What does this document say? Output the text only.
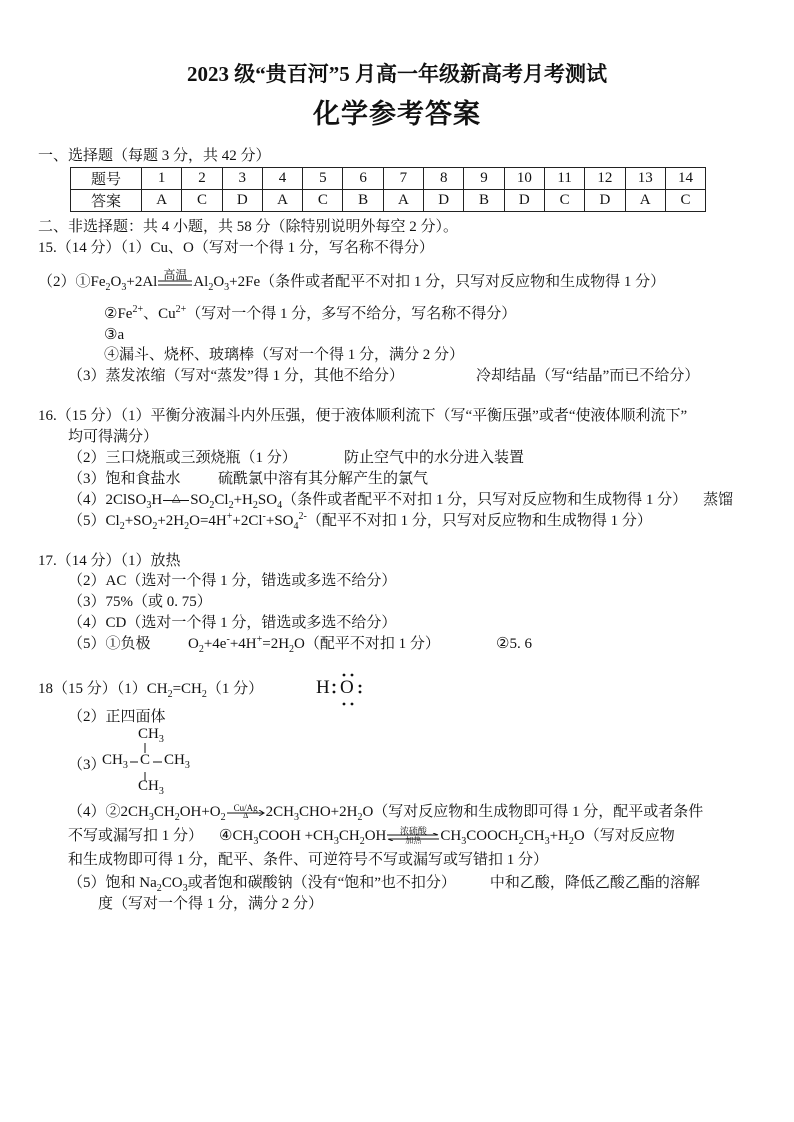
2023 级“贵百河”5 月高一年级新高考月考测试
化学参考答案
一、选择题（每题 3 分，共 42 分）
题号	1	2	3	4	5	6	7	8	9	10	11	12	13	14
答案	A	C	D	A	C	B	A	D	B	D	C	D	A	C
二、非选择题：共 4 小题，共 58 分（除特别说明外每空 2 分）。
15.（14 分）（1）Cu、O（写对一个得 1 分，写名称不得分）
$(2)①Fe_2O_3+2Al$ 高温 $Al_2O_3+2Fe$（条件或者配平不对扣 1 分，只写对反应物和生成物得 1 分）
$②Fe^{2+}$、$Cu^{2+}$（写对一个得 1 分，多写不给分，写名称不得分）
③a
④漏斗、烧杯、玻璃棒（写对一个得 1 分，满分 2 分）
（3）蒸发浓缩（写对“蒸发”得 1 分，其他不给分）	冷却结晶（写“结晶”而已不给分）
16.（15 分）（1）平衡分液漏斗内外压强，便于液体顺利流下（写“平衡压强”或者“使液体顺利流下”
均可得满分）
（2）三口烧瓶或三颈烧瓶（1 分）	防止空气中的水分进入装置
（3）饱和食盐水 硫酰氯中溶有其分解产生的氯气
（4）2ClSO$_3$H △ $SO_2Cl_2+H_2SO_4$（条件或者配平不对扣 1 分，只写对反应物和生成物得 1 分） 蒸馏
$(5)Cl_2+SO_2+2H_2O=4H^++2Cl^-+SO_4^{2-}$（配平不对扣 1 分，只写对反应物和生成物得 1 分）
17.（14 分）（1）放热
（2）AC（选对一个得 1 分，错选或多选不给分）
（3）75%（或 0. 75）
（4）CD（选对一个得 1 分，错选或多选不给分）
（5）①负极 $O_2+4e^-+4H^+=2H_2O$（配平不对扣 1 分）	②5. 6
18（15 分）$(1)CH_2=CH_2(1$ 分）	H O
（2）正四面体
（3）
$CH_3$
$CH_3$ C $CH_3$
$CH_3$
$(4)②2CH_3CH_2OH+O_2$
Cu/Ag
Δ	$2CH_3CHO+2H_2O$（写对反应物和生成物即可得 1 分，配平或者条件
不写或漏写扣 1 分） $④CH_3COOH +CH_3CH_2OH$	浓硫酸
加热	$CH_3COOCH_2CH_3+H_2O$（写对反应物
和生成物即可得 1 分，配平、条件、可逆符号不写或漏写或写错扣 1 分）
（5）饱和 $Na_2CO_3$或者饱和碳酸钠（没有“饱和”也不扣分） 中和乙酸，降低乙酸乙酯的溶解
度（写对一个得 1 分，满分 2 分）
